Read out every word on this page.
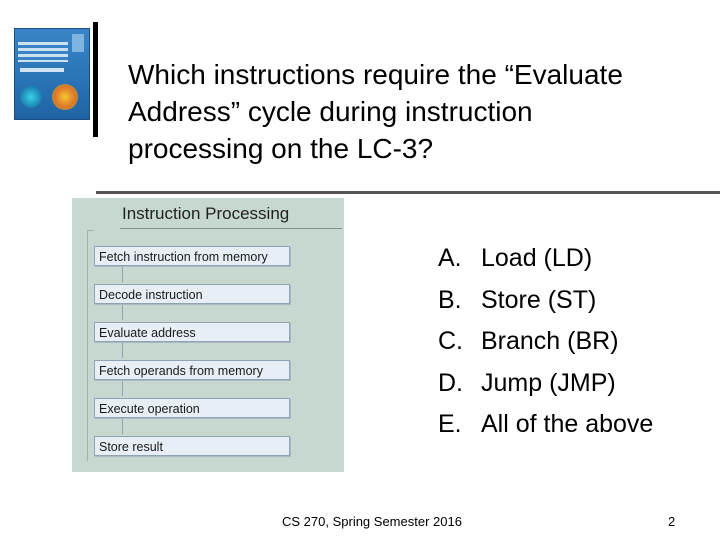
Which instructions require the “Evaluate
Address” cycle during instruction
processing on the LC-3?
Instruction Processing
Fetch instruction from memory
Decode instruction
Evaluate address
Fetch operands from memory
Execute operation
Store result
A. Load (LD)
B. Store (ST)
C. Branch (BR)
D. Jump (JMP)
E. All of the above
CS 270, Spring Semester 2016	2
